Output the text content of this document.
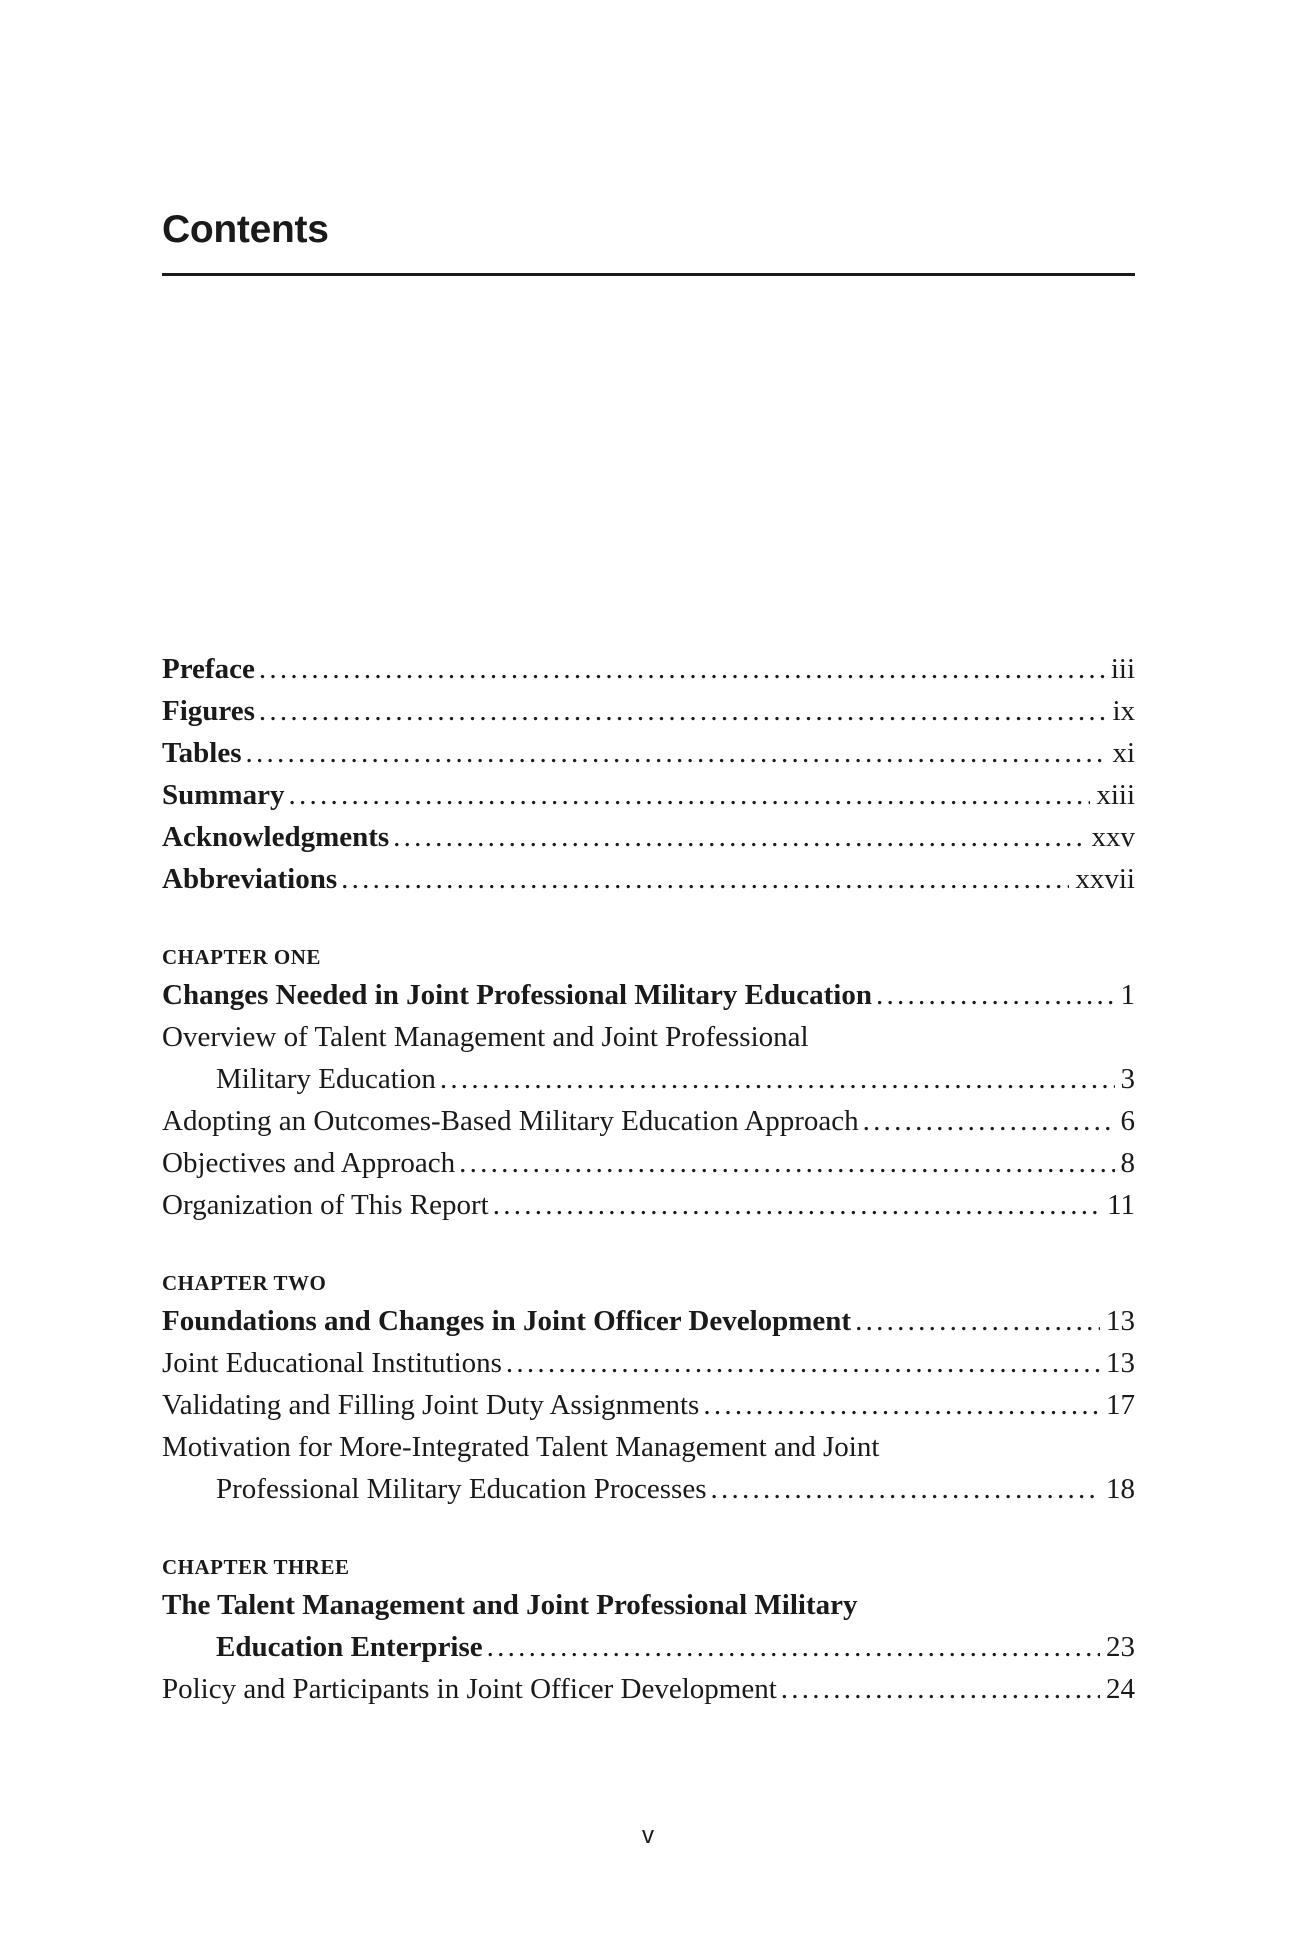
Contents
Preface . . .	iii
Figures . . .	ix
Tables . . .	xi
Summary . . .	xiii
Acknowledgments . . .	xxv
Abbreviations . . .	xxvii
CHAPTER ONE
Changes Needed in Joint Professional Military Education . . .	1
Overview of Talent Management and Joint Professional
Military Education . . .	3
Adopting an Outcomes-Based Military Education Approach . . .	6
Objectives and Approach . . .	8
Organization of This Report . . .	11
CHAPTER TWO
Foundations and Changes in Joint Officer Development . . .	13
Joint Educational Institutions . . .	13
Validating and Filling Joint Duty Assignments . . .	17
Motivation for More-Integrated Talent Management and Joint
Professional Military Education Processes . . .	18
CHAPTER THREE
The Talent Management and Joint Professional Military
Education Enterprise . . .	23
Policy and Participants in Joint Officer Development . . .	24
v
